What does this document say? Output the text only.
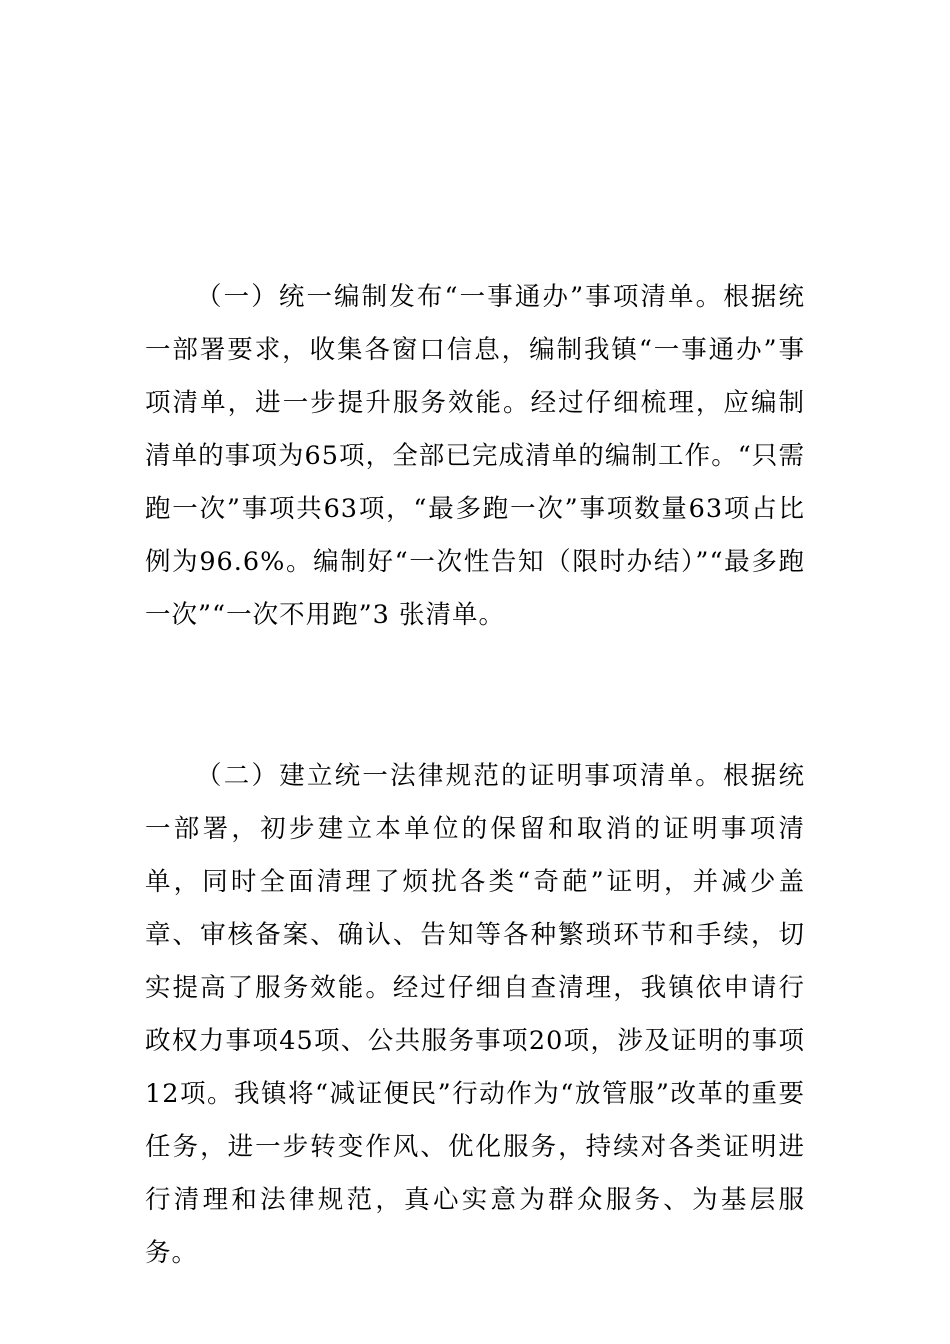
（一）统一编制发布“一事通办”事项清单。根据统一部署要求，收集各窗口信息，编制我镇“一事通办”事项清单，进一步提升服务效能。经过仔细梳理，应编制清单的事项为65项，全部已完成清单的编制工作。“只需跑一次”事项共63项，“最多跑一次”事项数量63项占比例为96.6%。编制好“一次性告知（限时办结）”“最多跑一次”“一次不用跑”3 张清单。

（二）建立统一法律规范的证明事项清单。根据统一部署，初步建立本单位的保留和取消的证明事项清单，同时全面清理了烦扰各类“奇葩”证明，并减少盖章、审核备案、确认、告知等各种繁琐环节和手续，切实提高了服务效能。经过仔细自查清理，我镇依申请行政权力事项45项、公共服务事项20项，涉及证明的事项12项。我镇将“减证便民”行动作为“放管服”改革的重要任务，进一步转变作风、优化服务，持续对各类证明进行清理和法律规范，真心实意为群众服务、为基层服务。
